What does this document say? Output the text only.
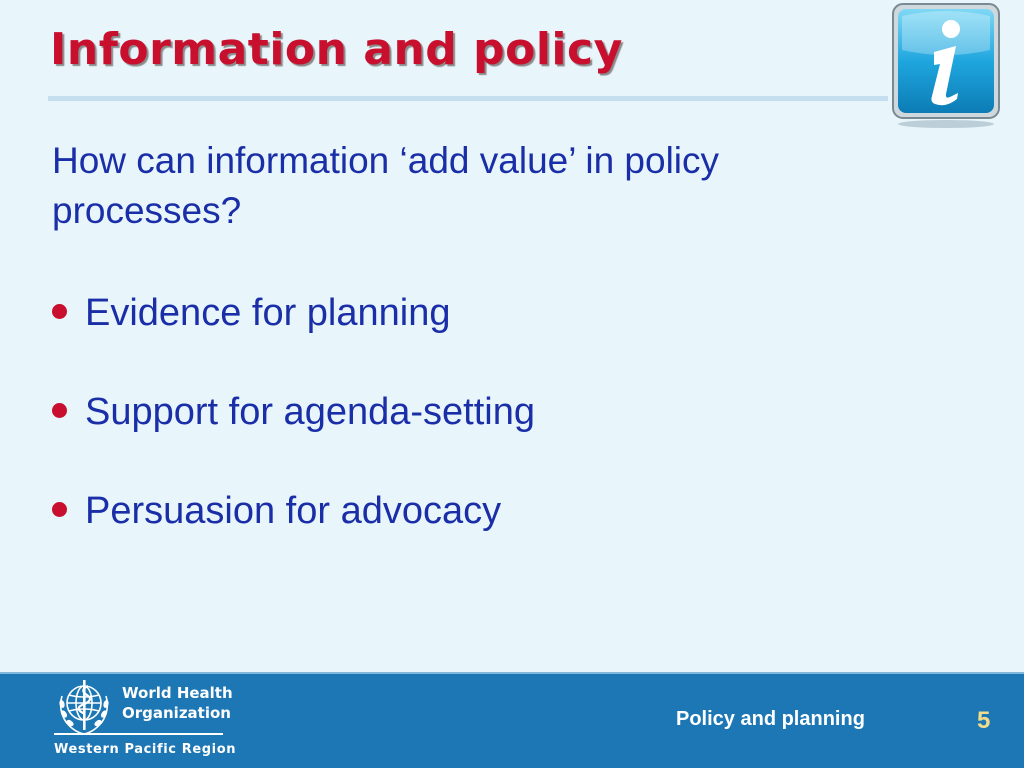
Information and policy

How can information ‘add value’ in policy processes?

Evidence for planning
Support for agenda-setting
Persuasion for advocacy
World Health
Organization
Western Pacific Region
Policy and planning	5
